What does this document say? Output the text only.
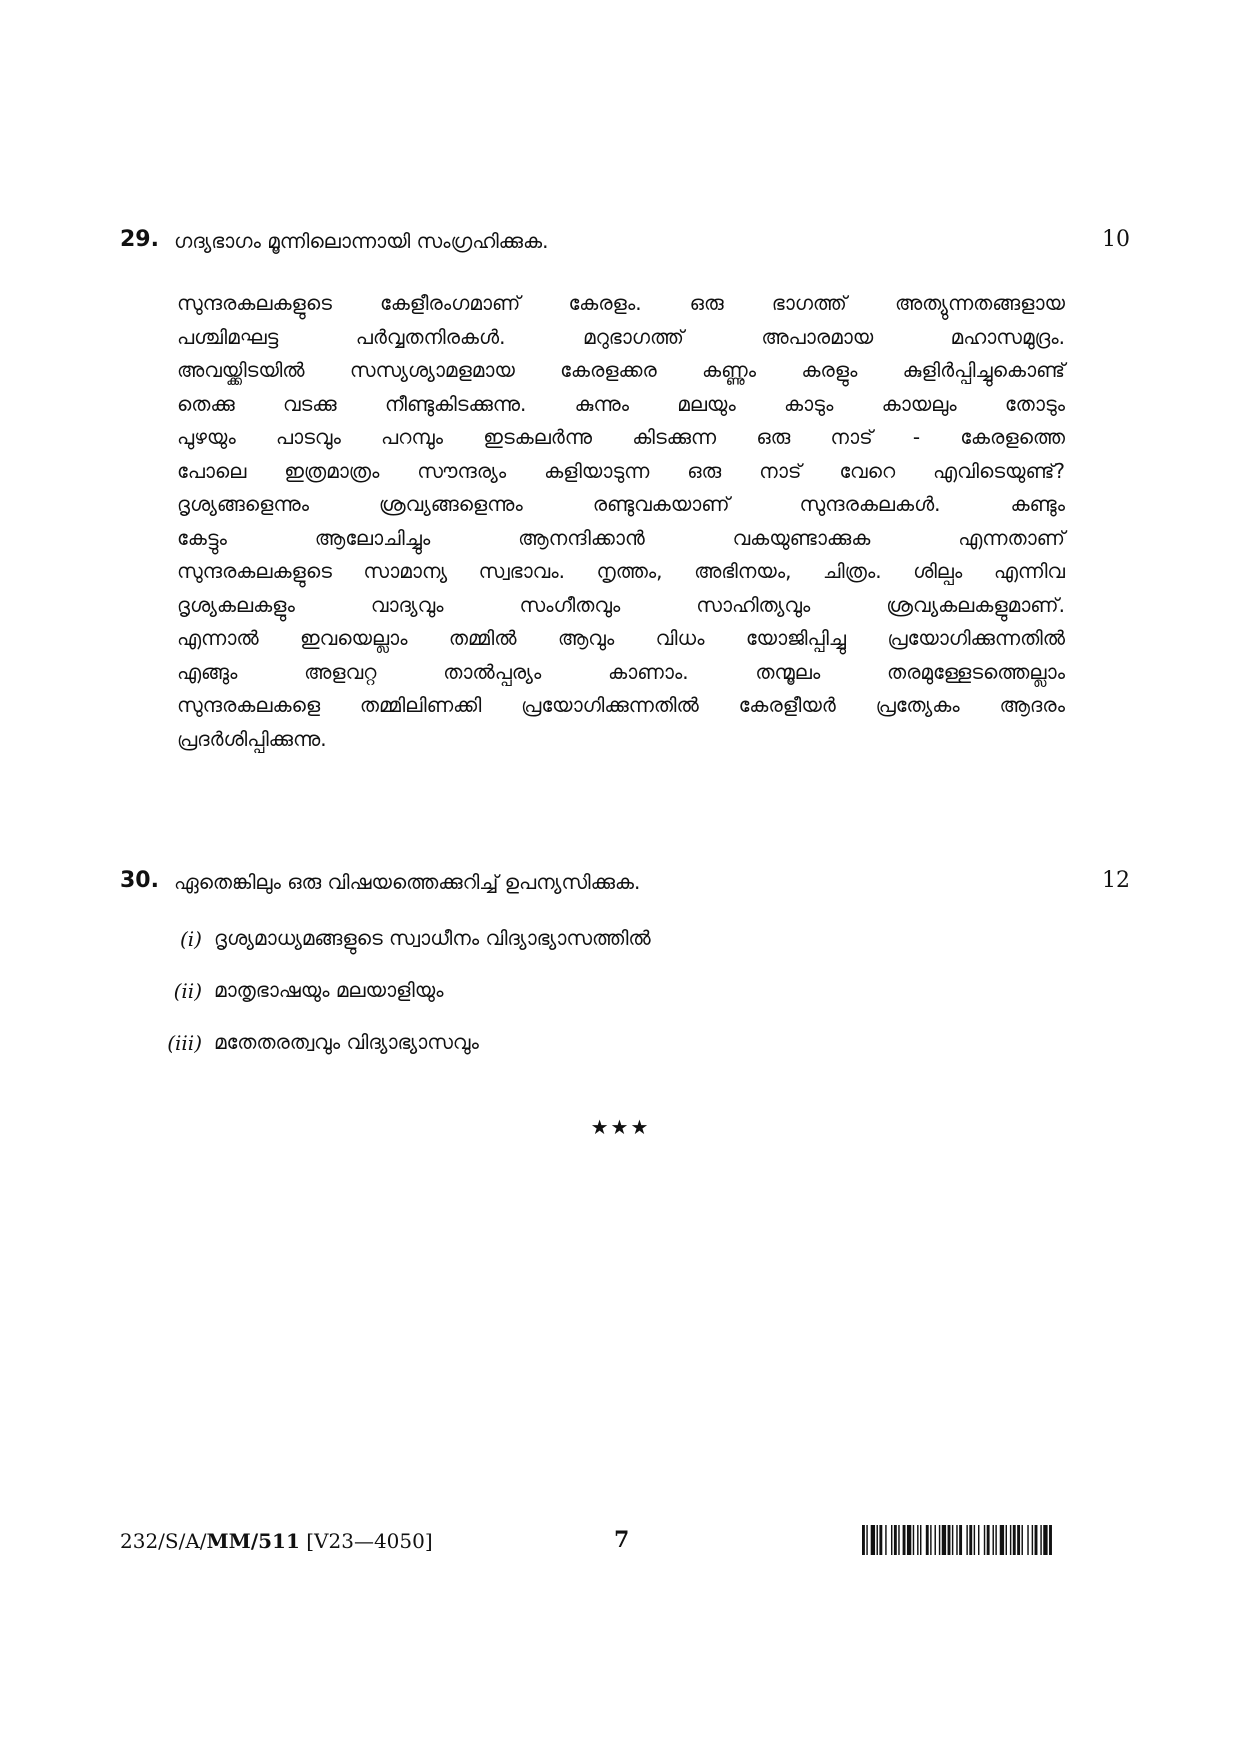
29. ഗദ്യഭാഗം മൂന്നിലൊന്നായി സംഗ്രഹിക്കുക.	10
സുന്ദരകലകളുടെ കേളീരംഗമാണ് കേരളം. ഒരു ഭാഗത്ത് അത്യുന്നതങ്ങളായ
പശ്ചിമഘട്ട പർവ്വതനിരകൾ. മറുഭാഗത്ത് അപാരമായ മഹാസമുദ്രം.
അവയ്ക്കിടയിൽ സസ്യശ്യാമളമായ കേരളക്കര കണ്ണും കരളും കുളിർപ്പിച്ചുകൊണ്ട്
തെക്കു വടക്കു നീണ്ടുകിടക്കുന്നു. കുന്നും മലയും കാടും കായലും തോടും
പുഴയും പാടവും പറമ്പും ഇടകലർന്നു കിടക്കുന്ന ഒരു നാട് - കേരളത്തെ
പോലെ ഇത്രമാത്രം സൗന്ദര്യം കളിയാടുന്ന ഒരു നാട് വേറെ എവിടെയുണ്ട്?
ദൃശ്യങ്ങളെന്നും ശ്രവ്യങ്ങളെന്നും രണ്ടുവകയാണ് സുന്ദരകലകൾ. കണ്ടും
കേട്ടും ആലോചിച്ചും ആനന്ദിക്കാൻ വകയുണ്ടാക്കുക എന്നതാണ്
സുന്ദരകലകളുടെ സാമാന്യ സ്വഭാവം. നൃത്തം, അഭിനയം, ചിത്രം. ശില്പം എന്നിവ
ദൃശ്യകലകളും വാദ്യവും സംഗീതവും സാഹിത്യവും ശ്രവ്യകലകളുമാണ്.
എന്നാൽ ഇവയെല്ലാം തമ്മിൽ ആവും വിധം യോജിപ്പിച്ചു പ്രയോഗിക്കുന്നതിൽ
എങ്ങും അളവറ്റ താൽപ്പര്യം കാണാം. തന്മൂലം തരമുള്ളേടത്തെല്ലാം
സുന്ദരകലകളെ തമ്മിലിണക്കി പ്രയോഗിക്കുന്നതിൽ കേരളീയർ പ്രത്യേകം ആദരം
പ്രദർശിപ്പിക്കുന്നു.
30. ഏതെങ്കിലും ഒരു വിഷയത്തെക്കുറിച്ച് ഉപന്യസിക്കുക.	12
(i) ദൃശ്യമാധ്യമങ്ങളുടെ സ്വാധീനം വിദ്യാഭ്യാസത്തിൽ
(ii) മാതൃഭാഷയും മലയാളിയും
(iii) മതേതരത്വവും വിദ്യാഭ്യാസവും
★★★
232/S/A/MM/511 [V23—4050]	7
